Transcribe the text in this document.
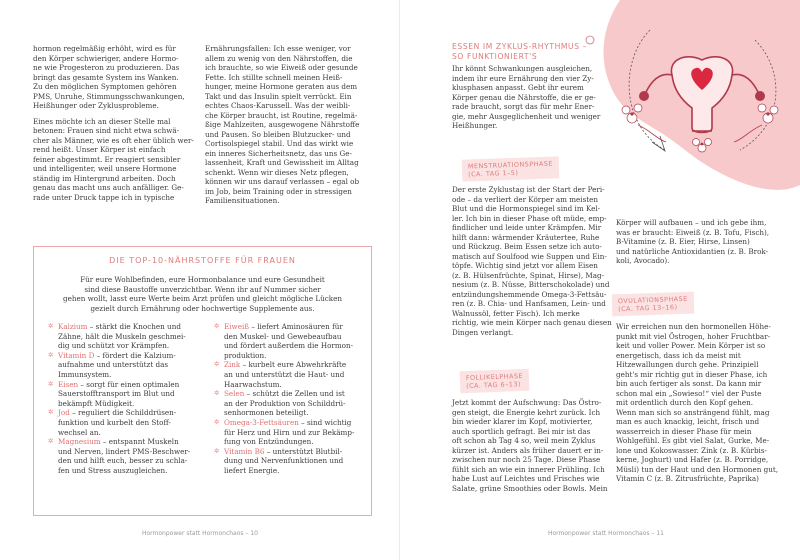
hormon regelmäßig erhöht, wird es für
den Körper schwieriger, andere Hormo-
ne wie Progesteron zu produzieren. Das
bringt das gesamte System ins Wanken.
Zu den möglichen Symptomen gehören
PMS, Unruhe, Stimmungsschwankungen,
Heißhunger oder Zyklusprobleme.

Eines möchte ich an dieser Stelle mal
betonen: Frauen sind nicht etwa schwä-
cher als Männer, wie es oft eher üblich wer-
rend heißt. Unser Körper ist einfach
feiner abgestimmt. Er reagiert sensibler
und intelligenter, weil unsere Hormone
ständig im Hintergrund arbeiten. Doch
genau das macht uns auch anfälliger. Ge-
rade unter Druck tappe ich in typische
Ernährungsfallen: Ich esse weniger, vor
allem zu wenig von den Nährstoffen, die
ich brauchte, so wie Eiweiß oder gesunde
Fette. Ich stillte schnell meinen Heiß-
hunger, meine Hormone geraten aus dem
Takt und das Insulin spielt verrückt. Ein
echtes Chaos-Karussell. Was der weibli-
che Körper braucht, ist Routine, regelmä-
ßige Mahlzeiten, ausgewogene Nährstoffe
und Pausen. So bleiben Blutzucker- und
Cortisolspiegel stabil. Und das wirkt wie
ein inneres Sicherheitsnetz, das uns Ge-
lassenheit, Kraft und Gewissheit im Alltag
schenkt. Wenn wir dieses Netz pflegen,
können wir uns darauf verlassen – egal ob
im Job, beim Training oder in stressigen
Familiensituationen.
DIE TOP-10-NÄHRSTOFFE FÜR FRAUEN
Für eure Wohlbefinden, eure Hormonbalance und eure Gesundheit
sind diese Baustoffe unverzichtbar. Wenn ihr auf Nummer sicher
gehen wollt, lasst eure Werte beim Arzt prüfen und gleicht mögliche Lücken
gezielt durch Ernährung oder hochwertige Supplemente aus.
✲ Kalzium – stärkt die Knochen und
Zähne, hält die Muskeln geschmei-
dig und schützt vor Krämpfen.
✲ Vitamin D – fördert die Kalzium-
aufnahme und unterstützt das
Immunsystem.
✲ Eisen – sorgt für einen optimalen
Sauerstofftransport im Blut und
bekämpft Müdigkeit.
✲ Jod – reguliert die Schilddrüsen-
funktion und kurbelt den Stoff-
wechsel an.
✲ Magnesium – entspannt Muskeln
und Nerven, lindert PMS-Beschwer-
den und hilft euch, besser zu schla-
fen und Stress auszugleichen.
✲ Eiweiß – liefert Aminosäuren für
den Muskel- und Gewebeaufbau
und fördert außerdem die Hormon-
produktion.
✲ Zink – kurbelt eure Abwehrkräfte
an und unterstützt die Haut- und
Haarwachstum.
✲ Selen – schützt die Zellen und ist
an der Produktion von Schilddrü-
senhormonen beteiligt.
✲ Omega-3-Fettsäuren – sind wichtig
für Herz und Hirn und zur Bekämp-
fung von Entzündungen.
✲ Vitamin B6 – unterstützt Blutbil-
dung und Nervenfunktionen und
liefert Energie.
Hormonpower statt Hormonchaos – 10
ESSEN IM ZYKLUS-RHYTHMUS –
SO FUNKTIONIERT'S
Ihr könnt Schwankungen ausgleichen,
indem ihr eure Ernährung den vier Zy-
klusphasen anpasst. Gebt ihr eurem
Körper genau die Nährstoffe, die er ge-
rade braucht, sorgt das für mehr Ener-
gie, mehr Ausgeglichenheit und weniger
Heißhunger.
MENSTRUATIONSPHASE
(CA. TAG 1–5)
Der erste Zyklustag ist der Start der Peri-
ode – da verliert der Körper am meisten
Blut und die Hormonspiegel sind im Kel-
ler. Ich bin in dieser Phase oft müde, emp-
findlicher und leide unter Krämpfen. Mir
hilft dann: wärmender Kräutertee, Ruhe
und Rückzug. Beim Essen setze ich auto-
matisch auf Soulfood wie Suppen und Ein-
töpfe. Wichtig sind jetzt vor allem Eisen
(z. B. Hülsenfrüchte, Spinat, Hirse), Mag-
nesium (z. B. Nüsse, Bitterschokolade) und
entzündungshemmende Omega-3-Fettsäu-
ren (z. B. Chia- und Hanfsamen, Lein- und
Walnussöl, fetter Fisch). Ich merke
richtig, wie mein Körper nach genau diesen
Dingen verlangt.
FOLLIKELPHASE
(CA. TAG 6–13)
Jetzt kommt der Aufschwung: Das Östro-
gen steigt, die Energie kehrt zurück. Ich
bin wieder klarer im Kopf, motivierter,
auch sportlich gefragt. Bei mir ist das
oft schon ab Tag 4 so, weil mein Zyklus
kürzer ist. Anders als früher dauert er in-
zwischen nur noch 25 Tage. Diese Phase
fühlt sich an wie ein innerer Frühling. Ich
habe Lust auf Leichtes und Frisches wie
Salate, grüne Smoothies oder Bowls. Mein
Körper will aufbauen – und ich gebe ihm,
was er braucht: Eiweiß (z. B. Tofu, Fisch),
B-Vitamine (z. B. Eier, Hirse, Linsen)
und natürliche Antioxidantien (z. B. Brok-
koli, Avocado).
OVULATIONSPHASE
(CA. TAG 13–16)
Wir erreichen nun den hormonellen Höhe-
punkt mit viel Östrogen, hoher Fruchtbar-
keit und voller Power. Mein Körper ist so
energetisch, dass ich da meist mit
Hitzewallungen durch gehe. Prinzipiell
geht's mir richtig gut in dieser Phase, ich
bin auch fertiger als sonst. Da kann mir
schon mal ein „Sowieso!“ viel der Puste
mit ordentlich durch den Kopf gehen.
Wenn man sich so ansträngend fühlt, mag
man es auch knackig, leicht, frisch und
wasserreich in dieser Phase für mein
Wohlgefühl. Es gibt viel Salat, Gurke, Me-
lone und Kokoswasser. Zink (z. B. Kürbis-
kerne, Joghurt) und Hafer (z. B. Porridge,
Müsli) tun der Haut und den Hormonen gut,
Vitamin C (z. B. Zitrusfrüchte, Paprika)
Hormonpower statt Hormonchaos – 11
